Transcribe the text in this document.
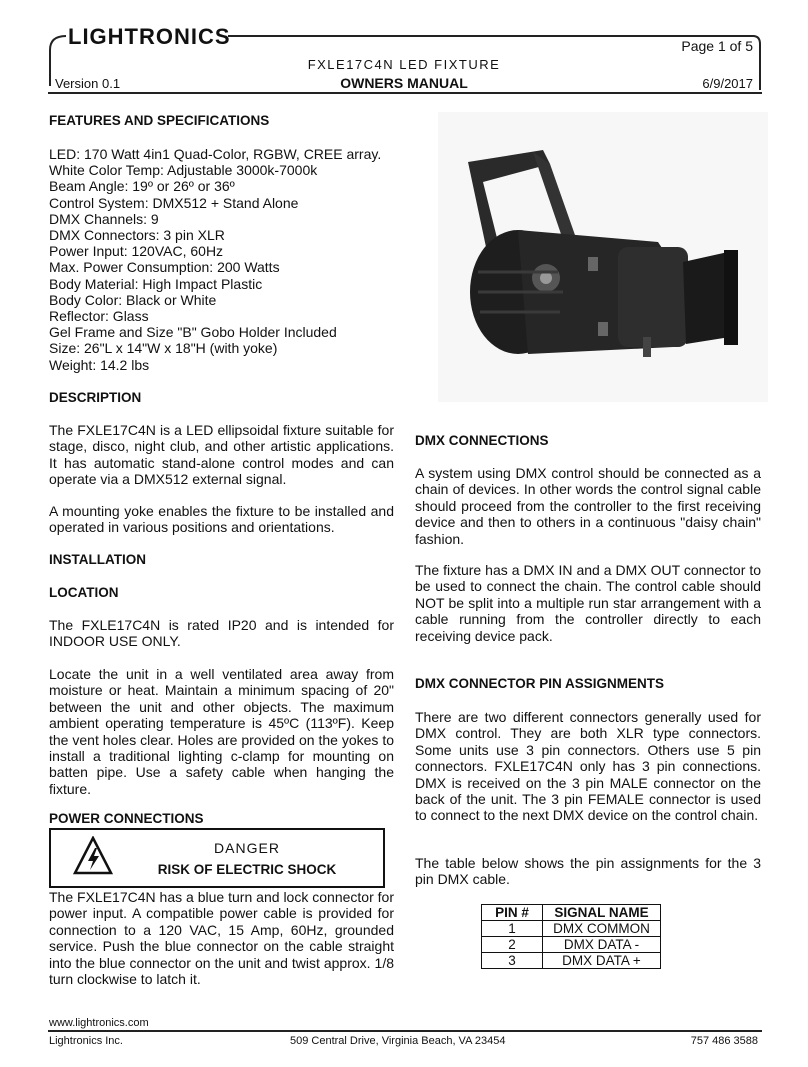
LIGHTRONICS	Page 1 of 5
FXLE17C4N LED FIXTURE
Version 0.1	OWNERS MANUAL	6/9/2017
FEATURES AND SPECIFICATIONS
LED: 170 Watt 4in1 Quad-Color, RGBW, CREE array.
White Color Temp: Adjustable 3000k-7000k
Beam Angle: 19º or 26º or 36º
Control System: DMX512 + Stand Alone
DMX Channels: 9
DMX Connectors: 3 pin XLR
Power Input: 120VAC, 60Hz
Max. Power Consumption: 200 Watts
Body Material: High Impact Plastic
Body Color: Black or White
Reflector: Glass
Gel Frame and Size "B" Gobo Holder Included
Size: 26"L x 14"W x 18"H (with yoke)
Weight: 14.2 lbs
DESCRIPTION

The FXLE17C4N is a LED ellipsoidal fixture suitable for stage, disco, night club, and other artistic applications. It has automatic stand-alone control modes and can operate via a DMX512 external signal.

A mounting yoke enables the fixture to be installed and operated in various positions and orientations.

INSTALLATION
LOCATION

The FXLE17C4N is rated IP20 and is intended for INDOOR USE ONLY.

Locate the unit in a well ventilated area away from moisture or heat. Maintain a minimum spacing of 20" between the unit and other objects. The maximum ambient operating temperature is 45ºC (113ºF). Keep the vent holes clear. Holes are provided on the yokes to install a traditional lighting c-clamp for mounting on batten pipe. Use a safety cable when hanging the fixture.

POWER CONNECTIONS
DANGER
RISK OF ELECTRIC SHOCK

The FXLE17C4N has a blue turn and lock connector for power input. A compatible power cable is provided for connection to a 120 VAC, 15 Amp, 60Hz, grounded service. Push the blue connector on the cable straight into the blue connector on the unit and twist approx. 1/8 turn clockwise to latch it.

DMX CONNECTIONS

A system using DMX control should be connected as a chain of devices. In other words the control signal cable should proceed from the controller to the first receiving device and then to others in a continuous "daisy chain" fashion.

The fixture has a DMX IN and a DMX OUT connector to be used to connect the chain. The control cable should NOT be split into a multiple run star arrangement with a cable running from the controller directly to each receiving device pack.

DMX CONNECTOR PIN ASSIGNMENTS

There are two different connectors generally used for DMX control. They are both XLR type connectors. Some units use 3 pin connectors. Others use 5 pin connectors. FXLE17C4N only has 3 pin connections. DMX is received on the 3 pin MALE connector on the back of the unit. The 3 pin FEMALE connector is used to connect to the next DMX device on the control chain.

The table below shows the pin assignments for the 3 pin DMX cable.

PIN #	SIGNAL NAME
1	DMX COMMON
2	DMX DATA -
3	DMX DATA +
www.lightronics.com
Lightronics Inc.	509 Central Drive, Virginia Beach, VA 23454	757 486 3588
